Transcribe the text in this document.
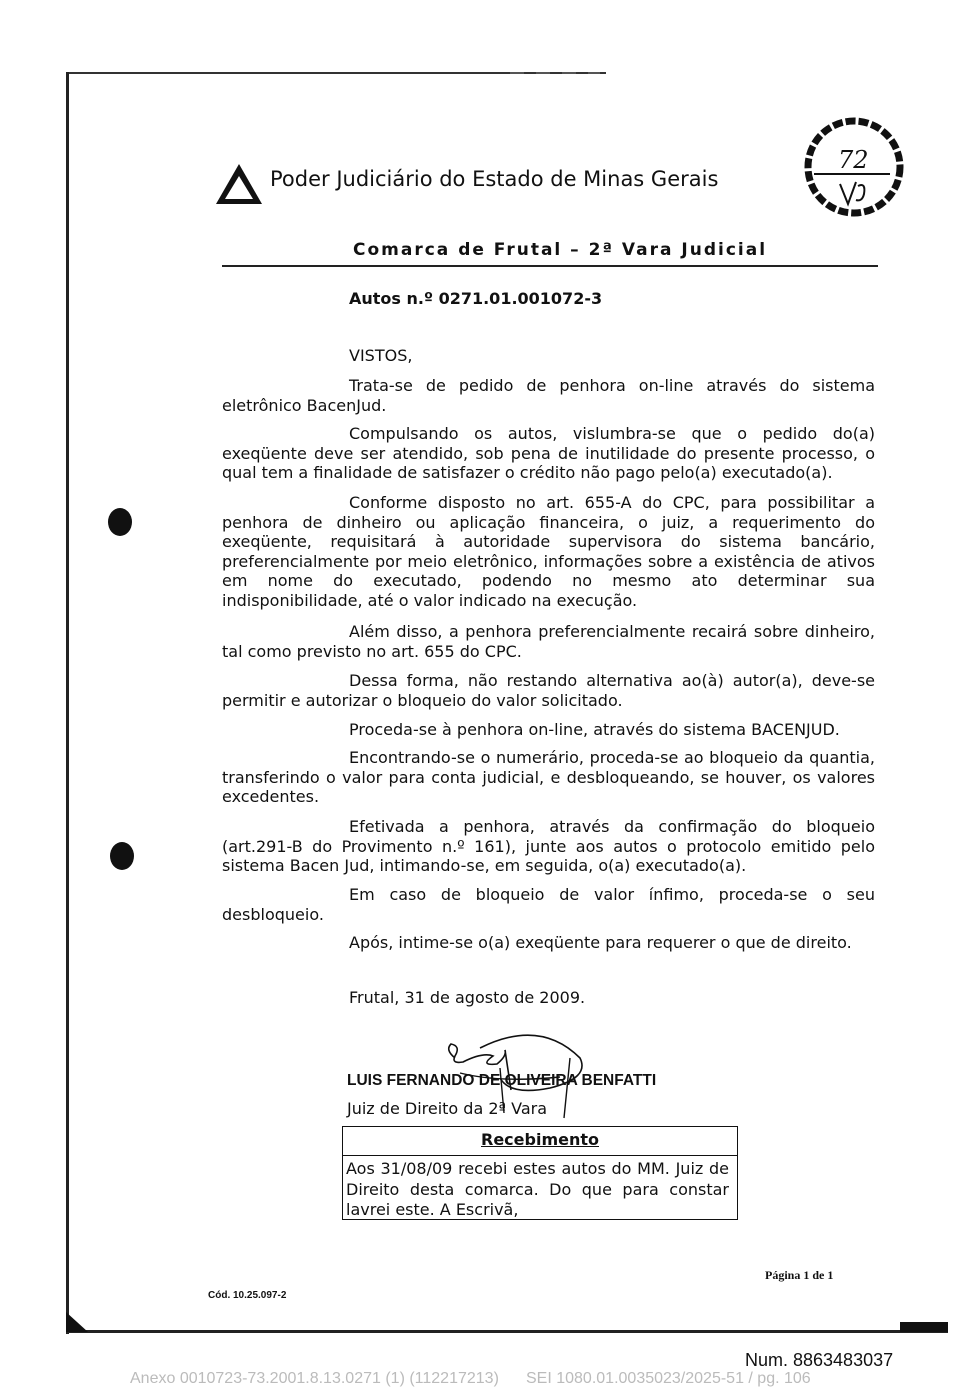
Poder Judiciário do Estado de Minas Gerais
72
Comarca de Frutal – 2ª Vara Judicial
Autos n.º 0271.01.001072-3
VISTOS,

Trata-se de pedido de penhora on-line através do sistema eletrônico BacenJud.

Compulsando os autos, vislumbra-se que o pedido do(a) exeqüente deve ser atendido, sob pena de inutilidade do presente processo, o qual tem a finalidade de satisfazer o crédito não pago pelo(a) executado(a).

Conforme disposto no art. 655-A do CPC, para possibilitar a penhora de dinheiro ou aplicação financeira, o juiz, a requerimento do exeqüente, requisitará à autoridade supervisora do sistema bancário, preferencialmente por meio eletrônico, informações sobre a existência de ativos em nome do executado, podendo no mesmo ato determinar sua indisponibilidade, até o valor indicado na execução.

Além disso, a penhora preferencialmente recairá sobre dinheiro, tal como previsto no art. 655 do CPC.

Dessa forma, não restando alternativa ao(à) autor(a), deve-se permitir e autorizar o bloqueio do valor solicitado.

Proceda-se à penhora on-line, através do sistema BACENJUD.

Encontrando-se o numerário, proceda-se ao bloqueio da quantia, transferindo o valor para conta judicial, e desbloqueando, se houver, os valores excedentes.

Efetivada a penhora, através da confirmação do bloqueio (art.291-B do Provimento n.º 161), junte aos autos o protocolo emitido pelo sistema Bacen Jud, intimando-se, em seguida, o(a) executado(a).

Em caso de bloqueio de valor ínfimo, proceda-se o seu desbloqueio.

Após, intime-se o(a) exeqüente para requerer o que de direito.

Frutal, 31 de agosto de 2009.
LUIS FERNANDO DE OLIVEIRA BENFATTI
Juiz de Direito da 2ª Vara
Recebimento
Aos 31/08/09 recebi estes autos do MM. Juiz de Direito desta comarca. Do que para constar lavrei este. A Escrivã,
Página 1 de 1
Cód. 10.25.097-2
Num. 8863483037
Anexo 0010723-73.2001.8.13.0271 (1) (112217213) SEI 1080.01.0035023/2025-51 / pg. 106
